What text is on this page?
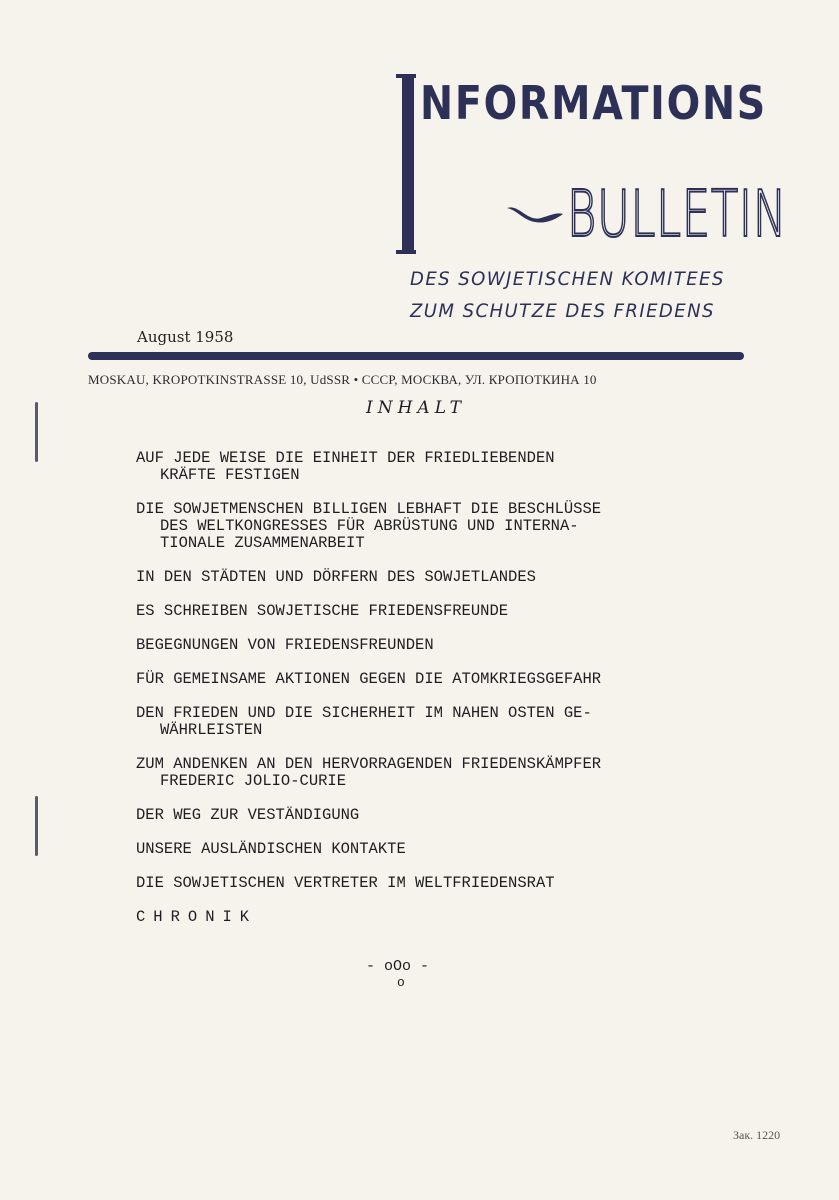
NFORMATIONS
BULLETIN
DES SOWJETISCHEN KOMITEES
ZUM SCHUTZE DES FRIEDENS
August 1958
MOSKAU, KROPOTKINSTRASSE 10, UdSSR • СССР, МОСКВА, УЛ. КРОПОТКИНА 10
INHALT
AUF JEDE WEISE DIE EINHEIT DER FRIEDLIEBENDEN
KRÄFTE FESTIGEN
DIE SOWJETMENSCHEN BILLIGEN LEBHAFT DIE BESCHLÜSSE
DES WELTKONGRESSES FÜR ABRÜSTUNG UND INTERNA-
TIONALE ZUSAMMENARBEIT
IN DEN STÄDTEN UND DÖRFERN DES SOWJETLANDES
ES SCHREIBEN SOWJETISCHE FRIEDENSFREUNDE
BEGEGNUNGEN VON FRIEDENSFREUNDEN
FÜR GEMEINSAME AKTIONEN GEGEN DIE ATOMKRIEGSGEFAHR
DEN FRIEDEN UND DIE SICHERHEIT IM NAHEN OSTEN GE-
WÄHRLEISTEN
ZUM ANDENKEN AN DEN HERVORRAGENDEN FRIEDENSKÄMPFER
FREDERIC JOLIO-CURIE
DER WEG ZUR VESTÄNDIGUNG
UNSERE AUSLÄNDISCHEN KONTAKTE
DIE SOWJETISCHEN VERTRETER IM WELTFRIEDENSRAT
CHRONIK
- oOo -
o
Зак. 1220
